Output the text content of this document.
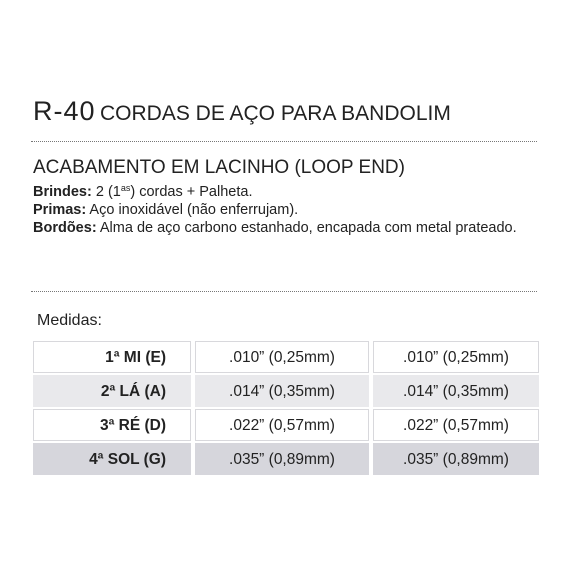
R-40 CORDAS DE AÇO PARA BANDOLIM
ACABAMENTO EM LACINHO (LOOP END)
Brindes: 2 $(1^{as})$ cordas + Palheta.
Primas: Aço inoxidável (não enferrujam).
Bordões: Alma de aço carbono estanhado, encapada com metal prateado.
Medidas:
1ª MI (E)	.010” (0,25mm)	.010” (0,25mm)
2ª LÁ (A)	.014” (0,35mm)	.014” (0,35mm)
3ª RÉ (D)	.022” (0,57mm)	.022” (0,57mm)
4ª SOL (G)	.035” (0,89mm)	.035” (0,89mm)
